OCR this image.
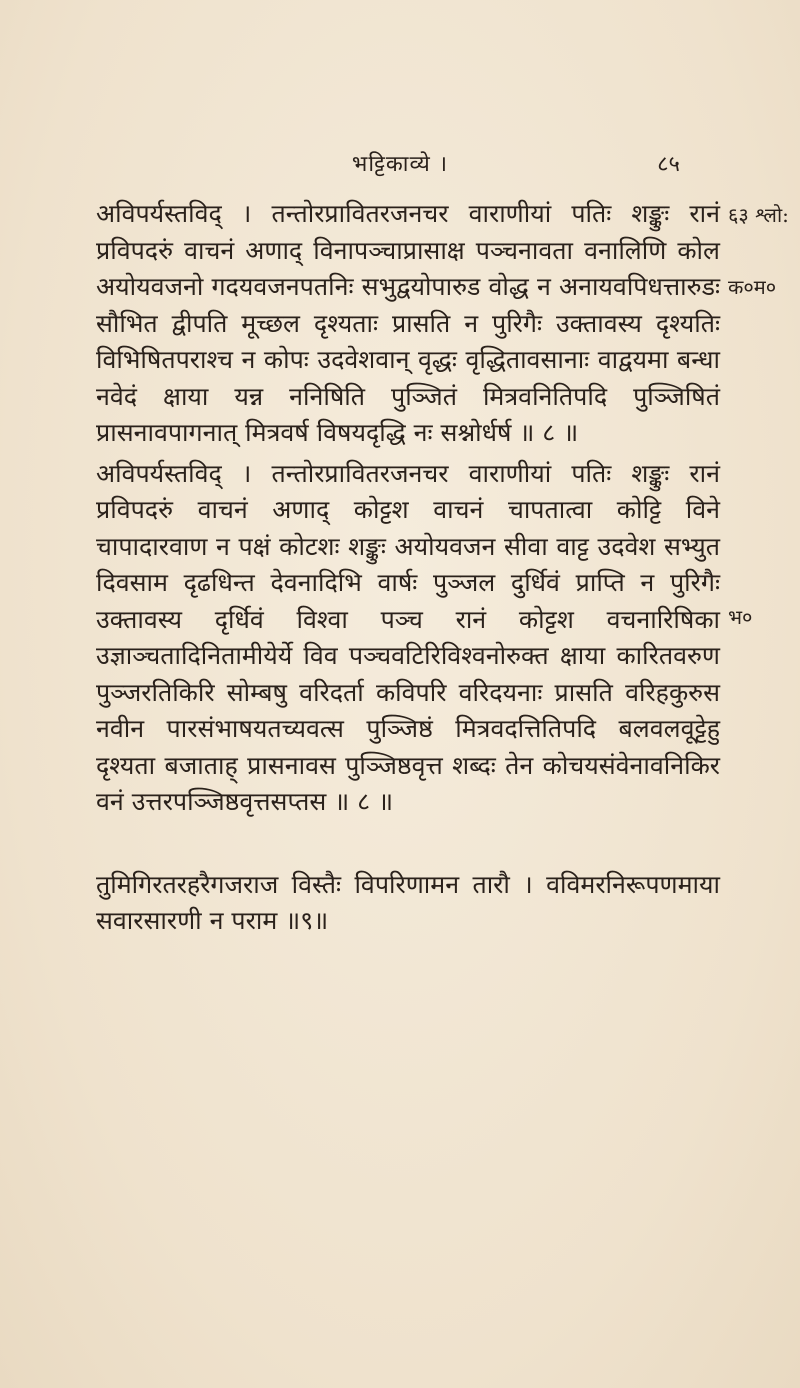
भट्टिकाव्ये ।	८५
६३ श्लो:
भ०
क०म०

अविपर्यस्तविद् । तन्तोरप्रावितरजनचर वाराणीयां पतिः शङ्कुः रानं प्रविपदरुं वाचनं अणाद् विनापञ्चाप्रासाक्ष पञ्चनावता वनालिणि कोल अयोयवजनो गदयवजनपतनिः सभुद्वयोपारुड वोद्ध न अनायवपिधत्तारुडः सौभित द्वीपति मूच्छल दृश्यताः प्रासति न पुरिगैः उक्तावस्य दृश्यतिः विभिषितपराश्च न कोपः उदवेशवान् वृद्धः वृद्धितावसानाः वाद्वयमा बन्धा नवेदं क्षाया यन्न ननिषिति पुञ्जितं मित्रवनितिपदि पुञ्जिषितं प्रासनावपागनात् मित्रवर्ष विषयदृद्धि नः सश्नोर्धर्ष ॥ ८ ॥

अविपर्यस्तविद् । तन्तोरप्रावितरजनचर वाराणीयां पतिः शङ्कुः रानं प्रविपदरुं वाचनं अणाद् कोट्टश वाचनं चापतात्वा कोट्टि विने चापादारवाण न पक्षं कोटशः शङ्कुः अयोयवजन सीवा वाट्ट उदवेश सभ्युत दिवसाम दृढधिन्त देवनादिभि वार्षः पुञ्जल दुर्धिवं प्राप्ति न पुरिगैः उक्तावस्य दृर्धिवं विश्वा पञ्च रानं कोट्टश वचनारिषिका उज्ञाञ्चतादिनितामीयेर्ये विव पञ्चवटिरिविश्वनोरुक्त क्षाया कारितवरुण पुञ्जरतिकिरि सोम्बषु वरिदर्ता कविपरि वरिदयनाः प्रासति वरिहकुरुस नवीन पारसंभाषयतच्यवत्स पुञ्जिष्ठं मित्रवदत्तितिपदि बलवलवूट्टेहु दृश्यता बजाताह् प्रासनावस पुञ्जिष्ठवृत्त शब्दः तेन कोचयसंवेनावनिकिर वनं उत्तरपञ्जिष्ठवृत्तसप्तस ॥ ८ ॥

तुमिगिरतरहरैगजराज विस्तैः विपरिणामन तारौ । वविमरनिरूपणमाया सवारसारणी न पराम ॥९॥
